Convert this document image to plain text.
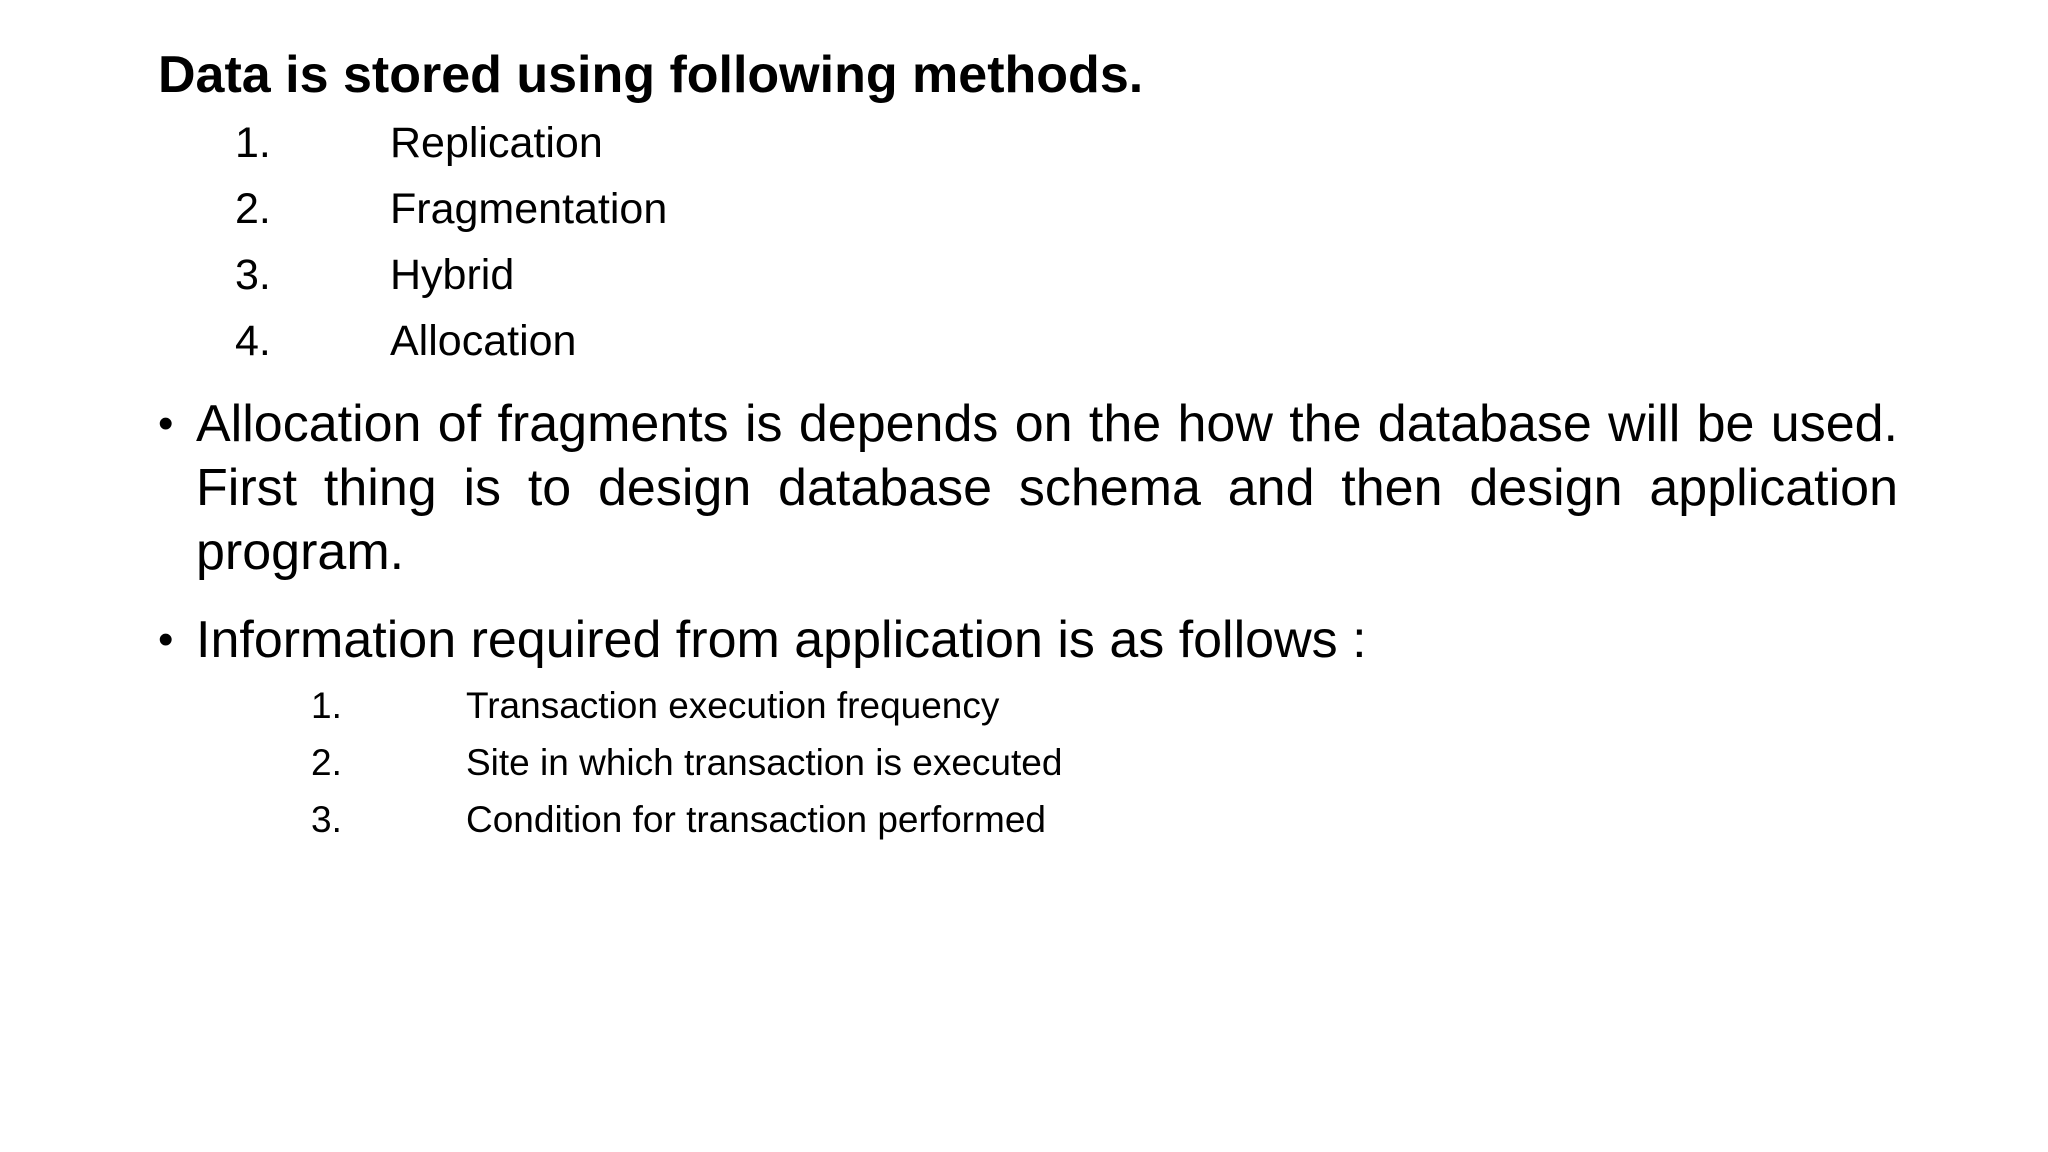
Data is stored using following methods.
1.	Replication
2.	Fragmentation
3.	Hybrid
4.	Allocation
• Allocation of fragments is depends on the how the database will be used. First thing is to design database schema and then design application program.
• Information required from application is as follows :
1.	Transaction execution frequency
2.	Site in which transaction is executed
3.	Condition for transaction performed
